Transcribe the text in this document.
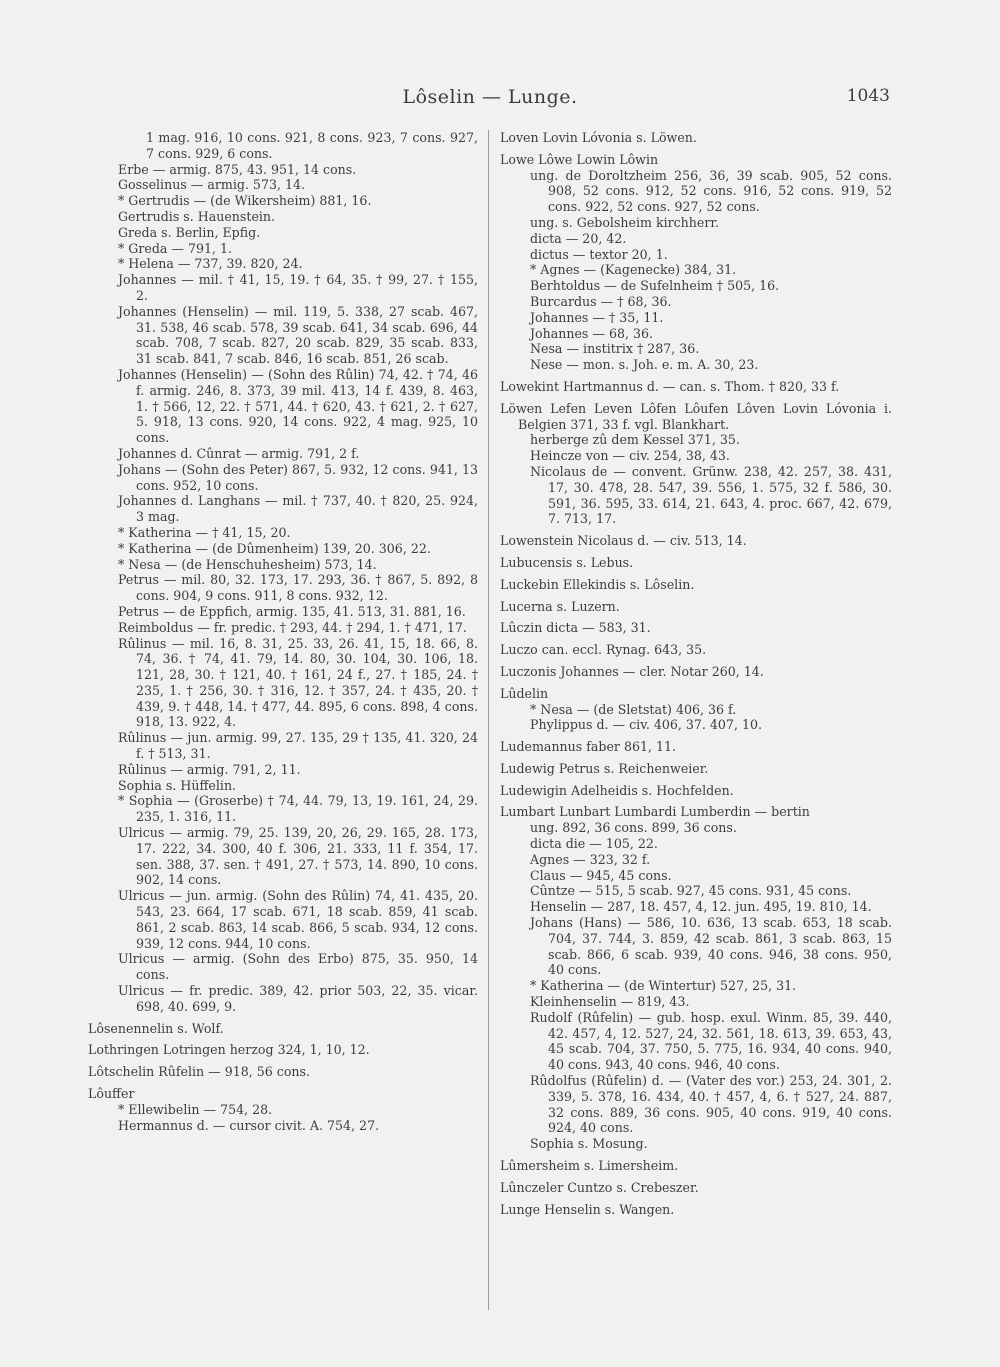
Lôselin — Lunge.	1043
1 mag. 916, 10 cons. 921, 8 cons. 923, 7 cons. 927, 7 cons. 929, 6 cons.
Erbe — armig. 875, 43. 951, 14 cons.
Gosselinus — armig. 573, 14.
* Gertrudis — (de Wikersheim) 881, 16.
Gertrudis s. Hauenstein.
Greda s. Berlin, Epfig.
* Greda — 791, 1.
* Helena — 737, 39. 820, 24.
Johannes — mil. † 41, 15, 19. † 64, 35. † 99, 27. † 155, 2.
Johannes (Henselin) — mil. 119, 5. 338, 27 scab. 467, 31. 538, 46 scab. 578, 39 scab. 641, 34 scab. 696, 44 scab. 708, 7 scab. 827, 20 scab. 829, 35 scab. 833, 31 scab. 841, 7 scab. 846, 16 scab. 851, 26 scab.
Johannes (Henselin) — (Sohn des Rûlin) 74, 42. † 74, 46 f. armig. 246, 8. 373, 39 mil. 413, 14 f. 439, 8. 463, 1. † 566, 12, 22. † 571, 44. † 620, 43. † 621, 2. † 627, 5. 918, 13 cons. 920, 14 cons. 922, 4 mag. 925, 10 cons.
Johannes d. Cûnrat — armig. 791, 2 f.
Johans — (Sohn des Peter) 867, 5. 932, 12 cons. 941, 13 cons. 952, 10 cons.
Johannes d. Langhans — mil. † 737, 40. † 820, 25. 924, 3 mag.
* Katherina — † 41, 15, 20.
* Katherina — (de Dûmenheim) 139, 20. 306, 22.
* Nesa — (de Henschuhesheim) 573, 14.
Petrus — mil. 80, 32. 173, 17. 293, 36. † 867, 5. 892, 8 cons. 904, 9 cons. 911, 8 cons. 932, 12.
Petrus — de Eppfich, armig. 135, 41. 513, 31. 881, 16.
Reimboldus — fr. predic. † 293, 44. † 294, 1. † 471, 17.
Rûlinus — mil. 16, 8. 31, 25. 33, 26. 41, 15, 18. 66, 8. 74, 36. † 74, 41. 79, 14. 80, 30. 104, 30. 106, 18. 121, 28, 30. † 121, 40. † 161, 24 f., 27. † 185, 24. † 235, 1. † 256, 30. † 316, 12. † 357, 24. † 435, 20. † 439, 9. † 448, 14. † 477, 44. 895, 6 cons. 898, 4 cons. 918, 13. 922, 4.
Rûlinus — jun. armig. 99, 27. 135, 29 † 135, 41. 320, 24 f. † 513, 31.
Rûlinus — armig. 791, 2, 11.
Sophia s. Hüffelin.
* Sophia — (Groserbe) † 74, 44. 79, 13, 19. 161, 24, 29. 235, 1. 316, 11.
Ulricus — armig. 79, 25. 139, 20, 26, 29. 165, 28. 173, 17. 222, 34. 300, 40 f. 306, 21. 333, 11 f. 354, 17. sen. 388, 37. sen. † 491, 27. † 573, 14. 890, 10 cons. 902, 14 cons.
Ulricus — jun. armig. (Sohn des Rûlin) 74, 41. 435, 20. 543, 23. 664, 17 scab. 671, 18 scab. 859, 41 scab. 861, 2 scab. 863, 14 scab. 866, 5 scab. 934, 12 cons. 939, 12 cons. 944, 10 cons.
Ulricus — armig. (Sohn des Erbo) 875, 35. 950, 14 cons.
Ulricus — fr. predic. 389, 42. prior 503, 22, 35. vicar. 698, 40. 699, 9.
Lôsenennelin s. Wolf.
Lothringen Lotringen herzog 324, 1, 10, 12.
Lôtschelin Rûfelin — 918, 56 cons.
Lôuffer
* Ellewibelin — 754, 28.
Hermannus d. — cursor civit. A. 754, 27.
Loven Lovin Lóvonia s. Löwen.
Lowe Lôwe Lowin Lôwin
ung. de Doroltzheim 256, 36, 39 scab. 905, 52 cons. 908, 52 cons. 912, 52 cons. 916, 52 cons. 919, 52 cons. 922, 52 cons. 927, 52 cons.
ung. s. Gebolsheim kirchherr.
dicta — 20, 42.
dictus — textor 20, 1.
* Agnes — (Kagenecke) 384, 31.
Berhtoldus — de Sufelnheim † 505, 16.
Burcardus — † 68, 36.
Johannes — † 35, 11.
Johannes — 68, 36.
Nesa — institrix † 287, 36.
Nese — mon. s. Joh. e. m. A. 30, 23.
Lowekint Hartmannus d. — can. s. Thom. † 820, 33 f.
Löwen Lefen Leven Lôfen Lôufen Lôven Lovin Lóvonia i. Belgien 371, 33 f. vgl. Blankhart.
herberge zû dem Kessel 371, 35.
Heincze von — civ. 254, 38, 43.
Nicolaus de — convent. Grünw. 238, 42. 257, 38. 431, 17, 30. 478, 28. 547, 39. 556, 1. 575, 32 f. 586, 30. 591, 36. 595, 33. 614, 21. 643, 4. proc. 667, 42. 679, 7. 713, 17.
Lowenstein Nicolaus d. — civ. 513, 14.
Lubucensis s. Lebus.
Luckebin Ellekindis s. Lôselin.
Lucerna s. Luzern.
Lûczin dicta — 583, 31.
Luczo can. eccl. Rynag. 643, 35.
Luczonis Johannes — cler. Notar 260, 14.
Lûdelin
* Nesa — (de Sletstat) 406, 36 f.
Phylippus d. — civ. 406, 37. 407, 10.
Ludemannus faber 861, 11.
Ludewig Petrus s. Reichenweier.
Ludewigin Adelheidis s. Hochfelden.
Lumbart Lunbart Lumbardi Lumberdin — bertin
ung. 892, 36 cons. 899, 36 cons.
dicta die — 105, 22.
Agnes — 323, 32 f.
Claus — 945, 45 cons.
Cûntze — 515, 5 scab. 927, 45 cons. 931, 45 cons.
Henselin — 287, 18. 457, 4, 12. jun. 495, 19. 810, 14.
Johans (Hans) — 586, 10. 636, 13 scab. 653, 18 scab. 704, 37. 744, 3. 859, 42 scab. 861, 3 scab. 863, 15 scab. 866, 6 scab. 939, 40 cons. 946, 38 cons. 950, 40 cons.
* Katherina — (de Wintertur) 527, 25, 31.
Kleinhenselin — 819, 43.
Rudolf (Rûfelin) — gub. hosp. exul. Winm. 85, 39. 440, 42. 457, 4, 12. 527, 24, 32. 561, 18. 613, 39. 653, 43, 45 scab. 704, 37. 750, 5. 775, 16. 934, 40 cons. 940, 40 cons. 943, 40 cons. 946, 40 cons.
Rûdolfus (Rûfelin) d. — (Vater des vor.) 253, 24. 301, 2. 339, 5. 378, 16. 434, 40. † 457, 4, 6. † 527, 24. 887, 32 cons. 889, 36 cons. 905, 40 cons. 919, 40 cons. 924, 40 cons.
Sophia s. Mosung.
Lûmersheim s. Limersheim.
Lûnczeler Cuntzo s. Crebeszer.
Lunge Henselin s. Wangen.
